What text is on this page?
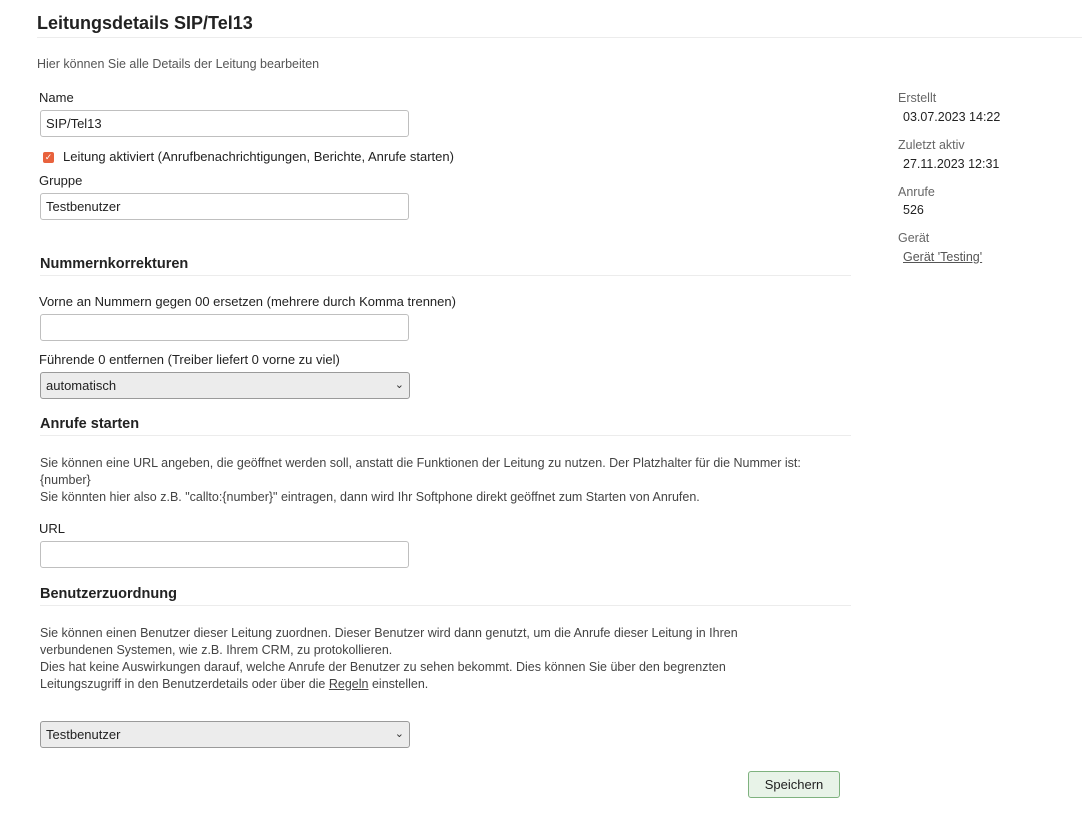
Leitungsdetails SIP/Tel13
Hier können Sie alle Details der Leitung bearbeiten
Name
SIP/Tel13
✓ Leitung aktiviert (Anrufbenachrichtigungen, Berichte, Anrufe starten)
Gruppe
Testbenutzer
Nummernkorrekturen
Vorne an Nummern gegen 00 ersetzen (mehrere durch Komma trennen)
Führende 0 entfernen (Treiber liefert 0 vorne zu viel)
automatisch	⌄
Anrufe starten
Sie können eine URL angeben, die geöffnet werden soll, anstatt die Funktionen der Leitung zu nutzen. Der Platzhalter für die Nummer ist:
{number}
Sie könnten hier also z.B. "callto:{number}" eintragen, dann wird Ihr Softphone direkt geöffnet zum Starten von Anrufen.
URL
Benutzerzuordnung
Sie können einen Benutzer dieser Leitung zuordnen. Dieser Benutzer wird dann genutzt, um die Anrufe dieser Leitung in Ihren
verbundenen Systemen, wie z.B. Ihrem CRM, zu protokollieren.
Dies hat keine Auswirkungen darauf, welche Anrufe der Benutzer zu sehen bekommt. Dies können Sie über den begrenzten
Leitungszugriff in den Benutzerdetails oder über die Regeln einstellen.
Testbenutzer	⌄
Speichern
Erstellt
03.07.2023 14:22
Zuletzt aktiv
27.11.2023 12:31
Anrufe
526
Gerät
Gerät 'Testing'
